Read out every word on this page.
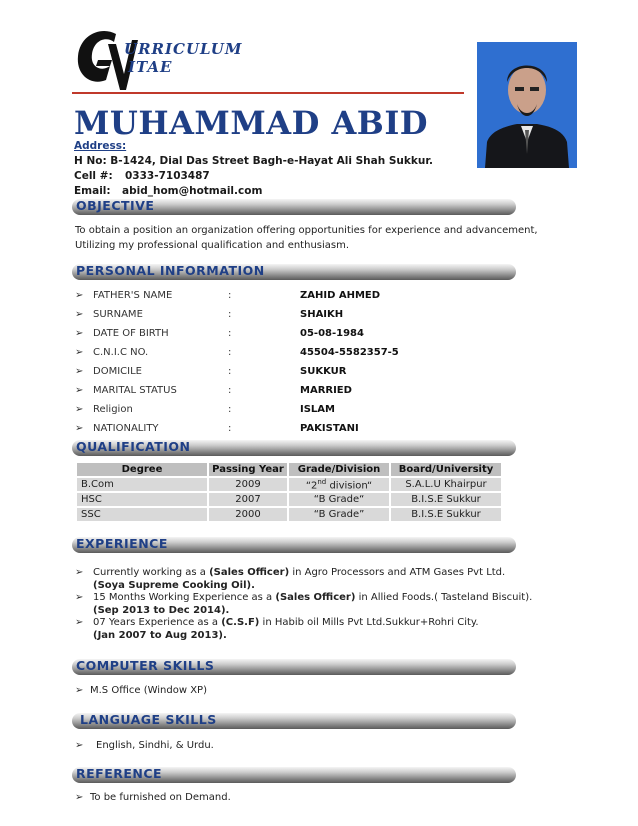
URRICULUM
ITAE
MUHAMMAD ABID
Address:
H No: B-1424, Dial Das Street Bagh-e-Hayat Ali Shah Sukkur.
Cell #: 0333-7103487
Email: abid_hom@hotmail.com
OBJECTIVE
To obtain a position an organization offering opportunities for experience and advancement,
Utilizing my professional qualification and enthusiasm.
PERSONAL INFORMATION
➢ FATHER'S NAME	:	ZAHID AHMED
➢ SURNAME	:	SHAIKH
➢ DATE OF BIRTH	:	05-08-1984
➢ C.N.I.C NO.	:	45504-5582357-5
➢ DOMICILE	:	SUKKUR
➢ MARITAL STATUS	:	MARRIED
➢ Religion	:	ISLAM
➢ NATIONALITY	:	PAKISTANI
QUALIFICATION
Degree	Passing Year	Grade/Division	Board/University
B.Com	2009	“2nd division“	S.A.L.U Khairpur
HSC	2007	“B Grade“	B.I.S.E Sukkur
SSC	2000	“B Grade”	B.I.S.E Sukkur
EXPERIENCE
➢ Currently working as a (Sales Officer) in Agro Processors and ATM Gases Pvt Ltd.
(Soya Supreme Cooking Oil).
➢ 15 Months Working Experience as a (Sales Officer) in Allied Foods.( Tasteland Biscuit).
(Sep 2013 to Dec 2014).
➢ 07 Years Experience as a (C.S.F) in Habib oil Mills Pvt Ltd.Sukkur+Rohri City.
(Jan 2007 to Aug 2013).
COMPUTER SKILLS
➢ M.S Office (Window XP)
LANGUAGE SKILLS
➢ English, Sindhi, & Urdu.
REFERENCE
➢ To be furnished on Demand.
